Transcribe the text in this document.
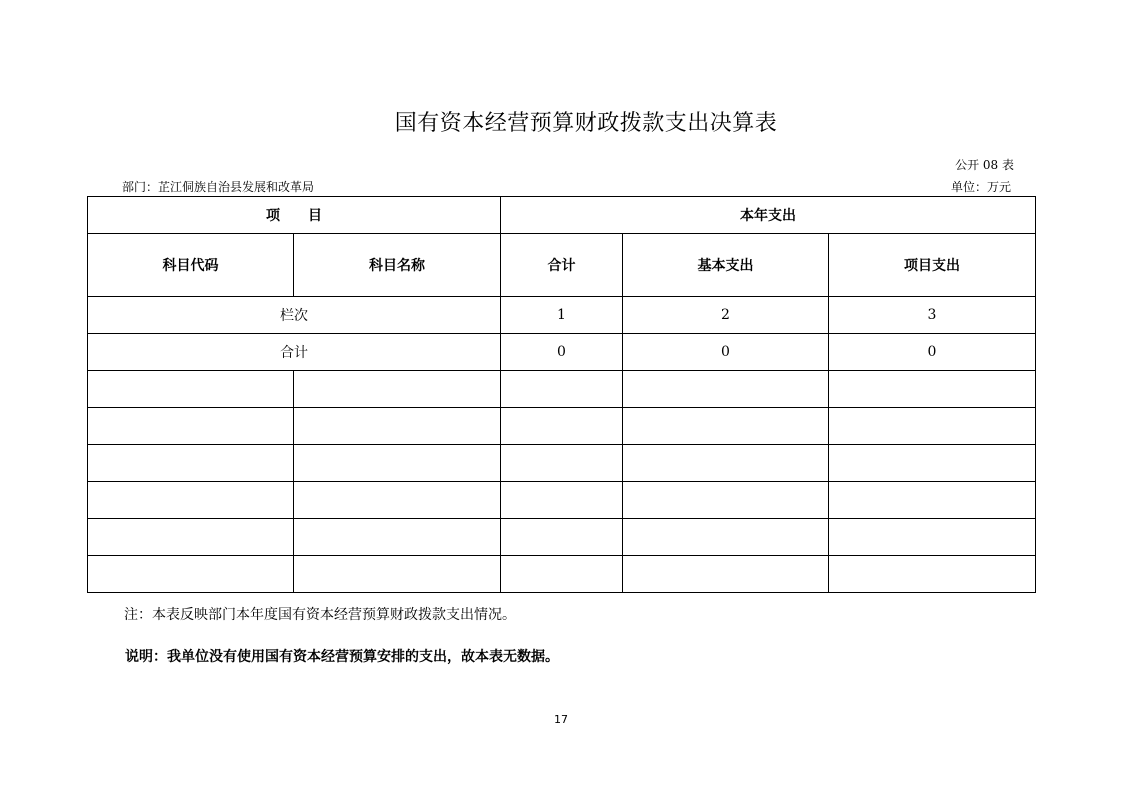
国有资本经营预算财政拨款支出决算表
公开 08 表
部门：芷江侗族自治县发展和改革局	单位：万元
项　　目		本年支出		
科目代码	科目名称	合计	基本支出	项目支出
栏次		1	2	3
合计		0	0	0

注：本表反映部门本年度国有资本经营预算财政拨款支出情况。
说明：我单位没有使用国有资本经营预算安排的支出，故本表无数据。
17
